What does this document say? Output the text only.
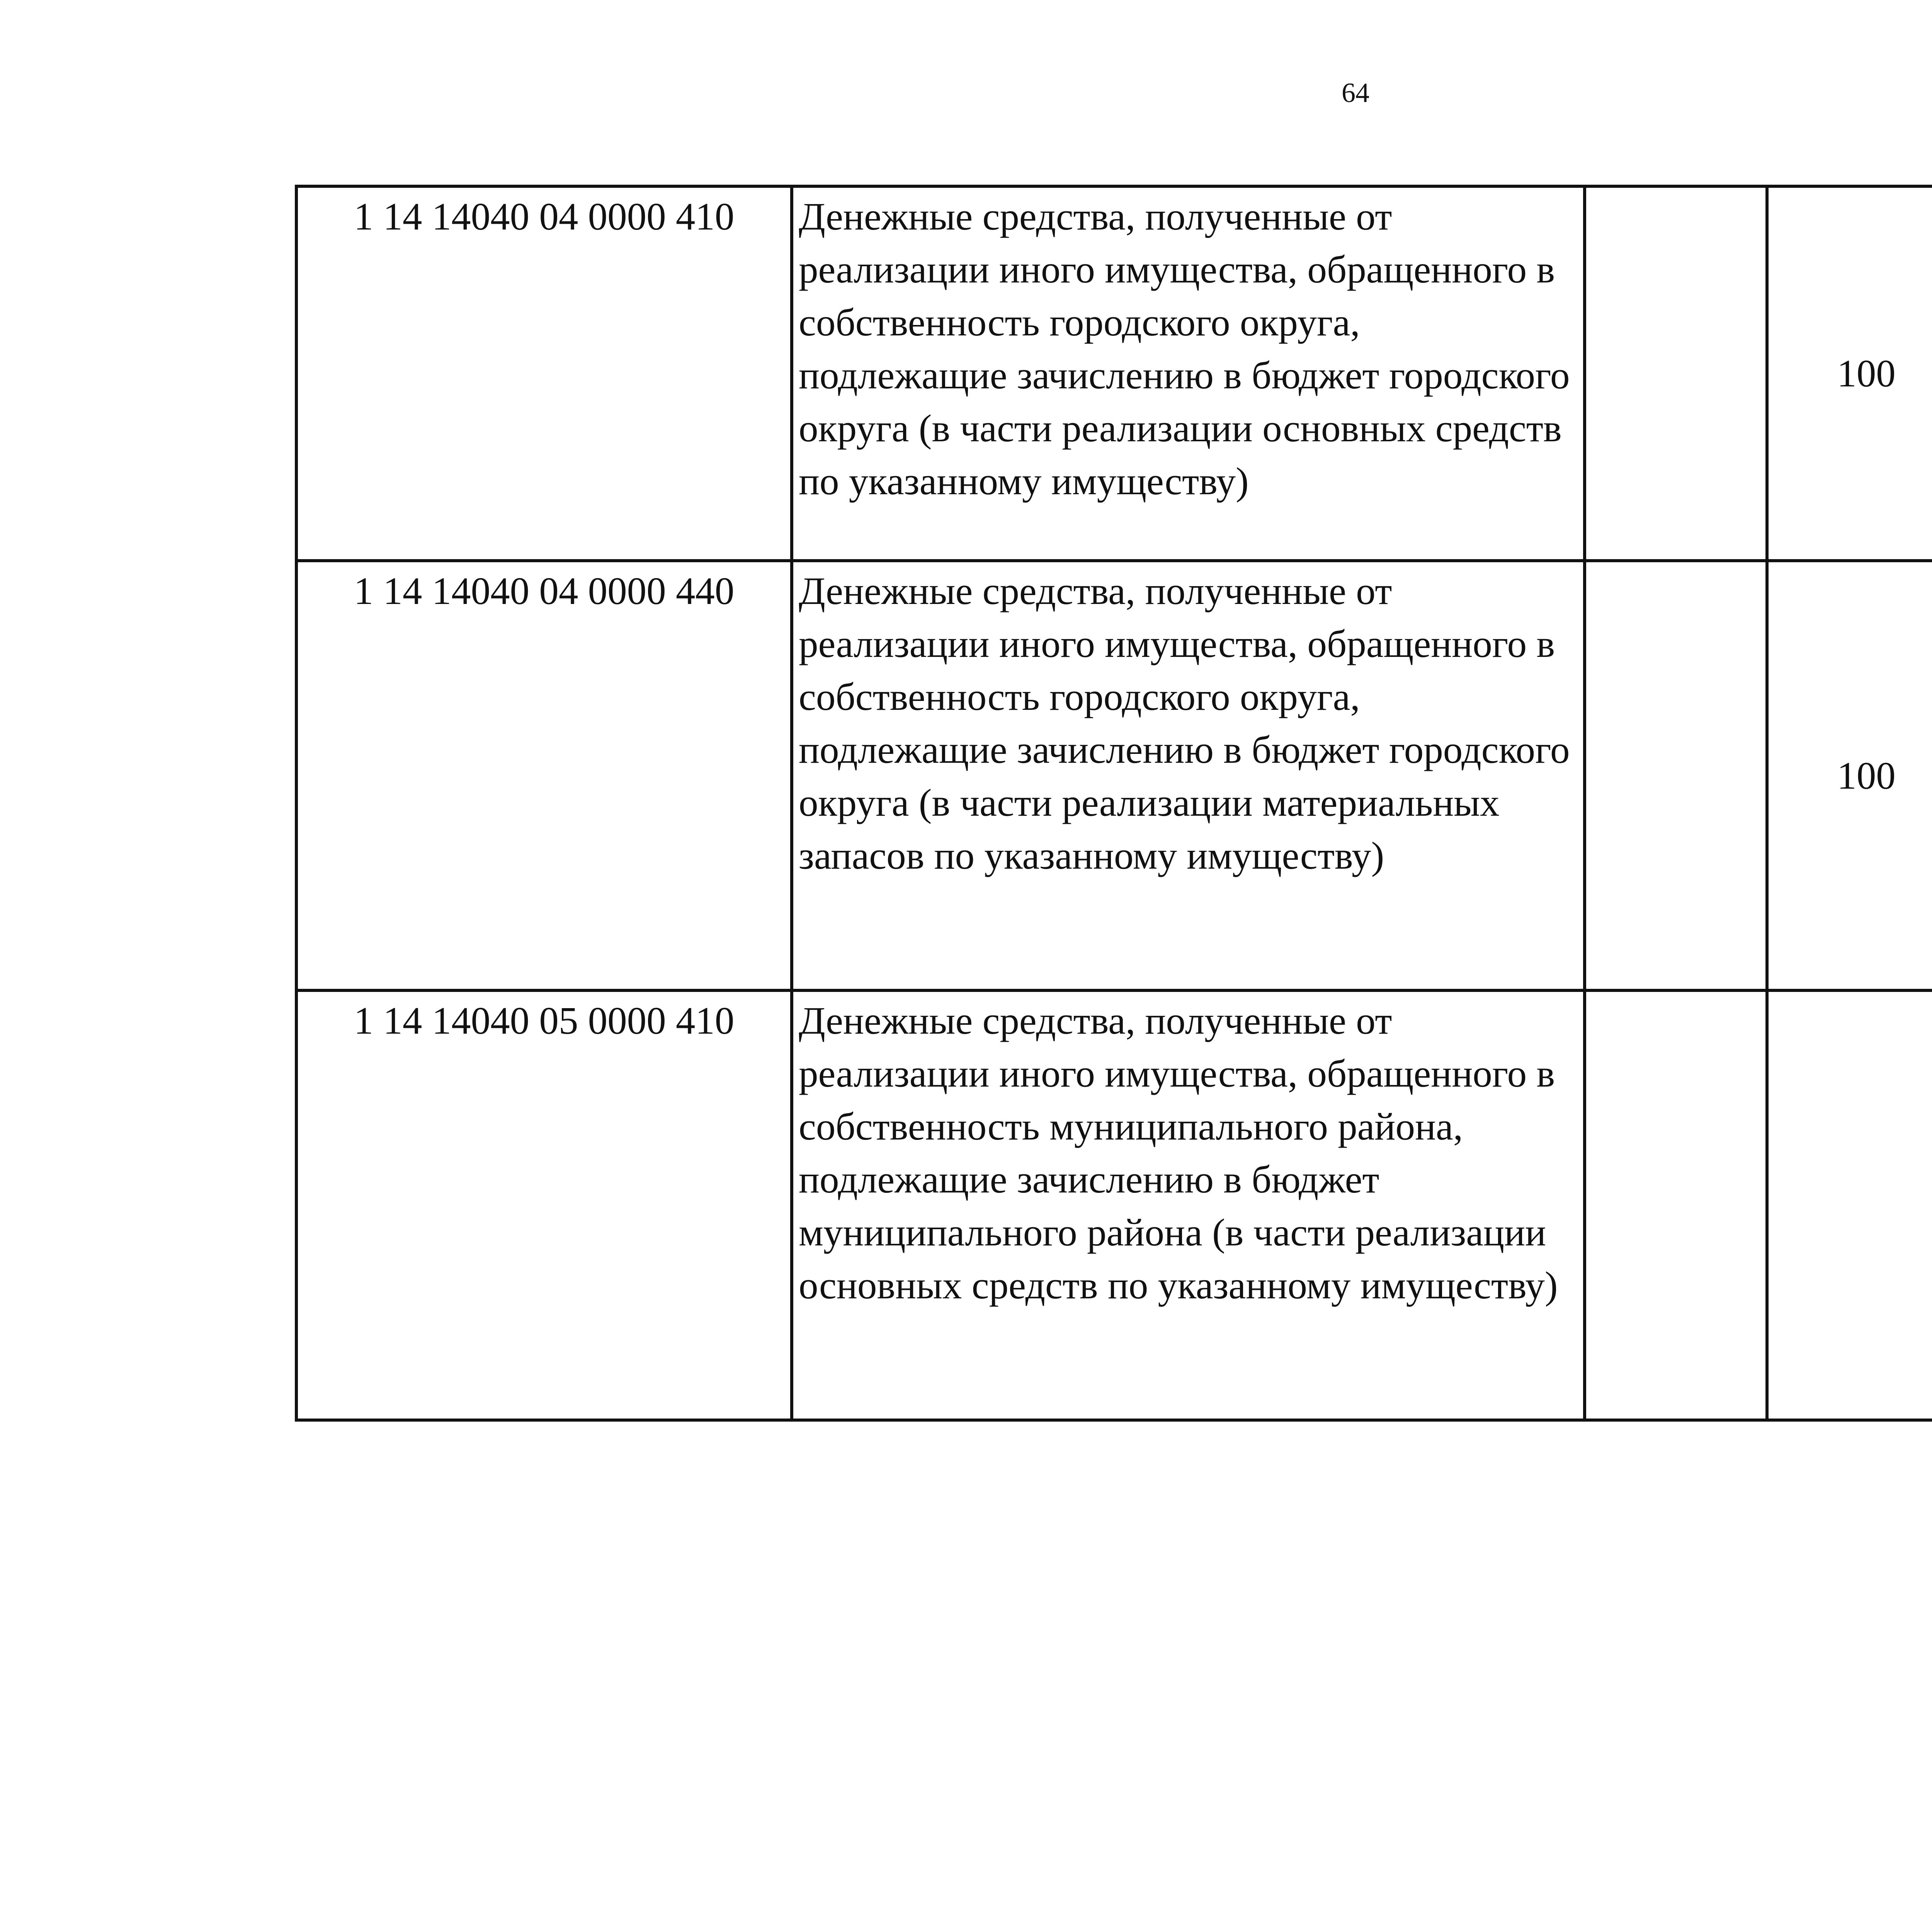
64
1 14 14040 04 0000 410	Денежные средства, полученные от реализации иного имущества, обращенного в собственность городского округа, подлежащие зачислению в бюджет городского округа (в части реализации основных средств по указанному имуществу)		100			
1 14 14040 04 0000 440	Денежные средства, полученные от реализации иного имущества, обращенного в собственность городского округа, подлежащие зачислению в бюджет городского округа (в части реализации материальных запасов по указанному имуществу)		100			
1 14 14040 05 0000 410	Денежные средства, полученные от реализации иного имущества, обращенного в собственность муниципального района, подлежащие зачислению в бюджет муниципального района (в части реализации основных средств по указанному имуществу)					
